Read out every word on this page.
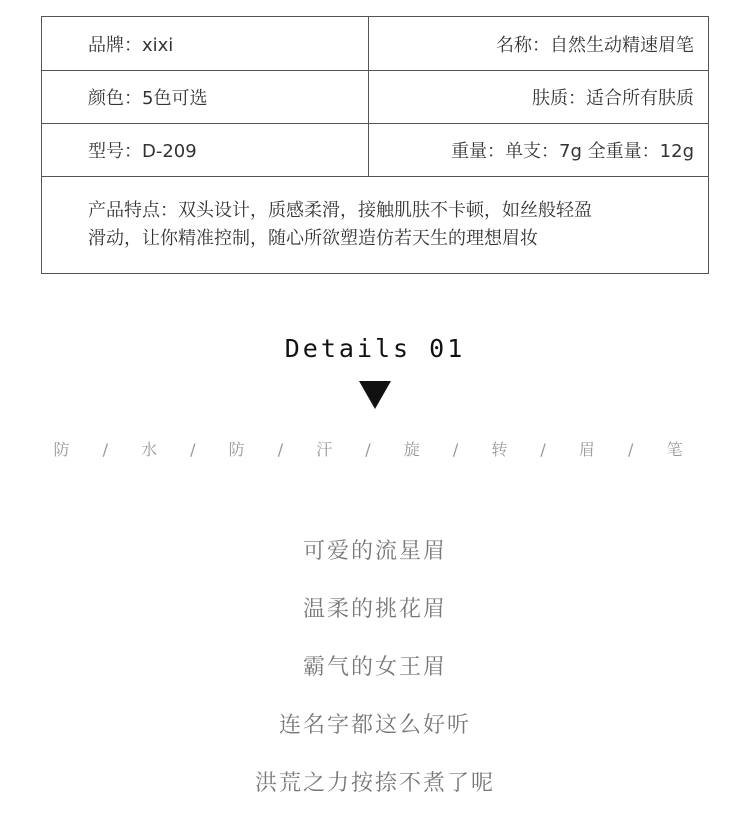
品牌：xixi	名称：自然生动精速眉笔
颜色：5色可选	肤质：适合所有肤质
型号：D-209	重量：单支：7g 全重量：12g
产品特点：双头设计，质感柔滑，接触肌肤不卡顿，如丝般轻盈
滑动，让你精准控制，随心所欲塑造仿若天生的理想眉妆
Details 01
防 / 水 / 防 / 汗 / 旋 / 转 / 眉 / 笔
可爱的流星眉
温柔的挑花眉
霸气的女王眉
连名字都这么好听
洪荒之力按捺不煮了呢
